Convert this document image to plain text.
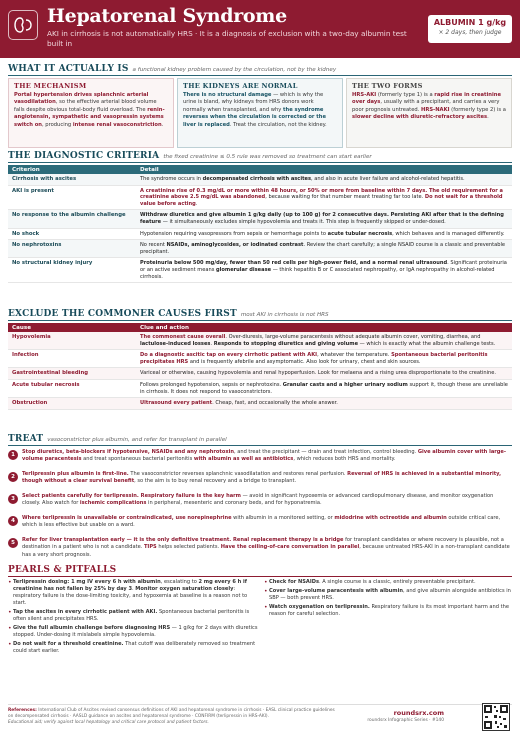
Hepatorenal Syndrome
AKI in cirrhosis is not automatically HRS · It is a diagnosis of exclusion with a two-day albumin test built in
ALBUMIN 1 g/kg
× 2 days, then judge
WHAT IT ACTUALLY IS a functional kidney problem caused by the circulation, not by the kidney
THE MECHANISM

Portal hypertension drives splanchnic arterial vasodilatation, so the effective arterial blood volume falls despite obvious total-body fluid overload. The renin-angiotensin, sympathetic and vasopressin systems switch on, producing intense renal vasoconstriction.

THE KIDNEYS ARE NORMAL

There is no structural damage — which is why the urine is bland, why kidneys from HRS donors work normally when transplanted, and why the syndrome reverses when the circulation is corrected or the liver is replaced. Treat the circulation, not the kidney.

THE TWO FORMS

HRS-AKI (formerly type 1) is a rapid rise in creatinine over days, usually with a precipitant, and carries a very poor prognosis untreated. HRS-NAKI (formerly type 2) is a slower decline with diuretic-refractory ascites.

THE DIAGNOSTIC CRITERIA the fixed creatinine ≤ 0.5 rule was removed so treatment can start earlier
Criterion	Detail
Cirrhosis with ascites	The syndrome occurs in decompensated cirrhosis with ascites, and also in acute liver failure and alcohol-related hepatitis.
AKI is present	A creatinine rise of 0.3 mg/dL or more within 48 hours, or 50% or more from baseline within 7 days. The old requirement for a creatinine above 2.5 mg/dL was abandoned, because waiting for that number meant treating far too late. Do not wait for a threshold value before acting.
No response to the albumin challenge	Withdraw diuretics and give albumin 1 g/kg daily (up to 100 g) for 2 consecutive days. Persisting AKI after that is the defining feature — it simultaneously excludes simple hypovolemia and treats it. This step is frequently skipped or under-dosed.
No shock	Hypotension requiring vasopressors from sepsis or hemorrhage points to acute tubular necrosis, which behaves and is managed differently.
No nephrotoxins	No recent NSAIDs, aminoglycosides, or iodinated contrast. Review the chart carefully; a single NSAID course is a classic and preventable precipitant.
No structural kidney injury	Proteinuria below 500 mg/day, fewer than 50 red cells per high-power field, and a normal renal ultrasound. Significant proteinuria or an active sediment means glomerular disease — think hepatitis B or C associated nephropathy, or IgA nephropathy in alcohol-related cirrhosis.
EXCLUDE THE COMMONER CAUSES FIRST most AKI in cirrhosis is not HRS
Cause	Clue and action
Hypovolemia	The commonest cause overall. Over-diuresis, large-volume paracentesis without adequate albumin cover, vomiting, diarrhea, and lactulose-induced losses. Responds to stopping diuretics and giving volume — which is exactly what the albumin challenge tests.
Infection	Do a diagnostic ascitic tap on every cirrhotic patient with AKI, whatever the temperature. Spontaneous bacterial peritonitis precipitates HRS and is frequently afebrile and asymptomatic. Also look for urinary, chest and skin sources.
Gastrointestinal bleeding	Variceal or otherwise, causing hypovolemia and renal hypoperfusion. Look for melaena and a rising urea disproportionate to the creatinine.
Acute tubular necrosis	Follows prolonged hypotension, sepsis or nephrotoxins. Granular casts and a higher urinary sodium support it, though these are unreliable in cirrhosis. It does not respond to vasoconstrictors.
Obstruction	Ultrasound every patient. Cheap, fast, and occasionally the whole answer.
TREAT vasoconstrictor plus albumin, and refer for transplant in parallel
1	Stop diuretics, beta-blockers if hypotensive, NSAIDs and any nephrotoxin, and treat the precipitant — drain and treat infection, control bleeding. Give albumin cover with large-volume paracentesis and treat spontaneous bacterial peritonitis with albumin as well as antibiotics, which reduces both HRS and mortality.
2	Terlipressin plus albumin is first-line. The vasoconstrictor reverses splanchnic vasodilatation and restores renal perfusion. Reversal of HRS is achieved in a substantial minority, though without a clear survival benefit, so the aim is to buy renal recovery and a bridge to transplant.
3	Select patients carefully for terlipressin. Respiratory failure is the key harm — avoid in significant hypoxemia or advanced cardiopulmonary disease, and monitor oxygenation closely. Also watch for ischemic complications in peripheral, mesenteric and coronary beds, and for hyponatremia.
4	Where terlipressin is unavailable or contraindicated, use norepinephrine with albumin in a monitored setting, or midodrine with octreotide and albumin outside critical care, which is less effective but usable on a ward.
5	Refer for liver transplantation early — it is the only definitive treatment. Renal replacement therapy is a bridge for transplant candidates or where recovery is plausible, not a destination in a patient who is not a candidate. TIPS helps selected patients. Have the ceiling-of-care conversation in parallel, because untreated HRS-AKI in a non-transplant candidate has a very short prognosis.
PEARLS & PITFALLS
• Terlipressin dosing: 1 mg IV every 6 h with albumin, escalating to 2 mg every 6 h if creatinine has not fallen by 25% by day 3. Monitor oxygen saturation closely: respiratory failure is the dose-limiting toxicity, and hypoxemia at baseline is a reason not to start.
• Tap the ascites in every cirrhotic patient with AKI. Spontaneous bacterial peritonitis is often silent and precipitates HRS.
• Give the full albumin challenge before diagnosing HRS — 1 g/kg for 2 days with diuretics stopped. Under-dosing it mislabels simple hypovolemia.
• Do not wait for a threshold creatinine. That cutoff was deliberately removed so treatment could start earlier.
• Check for NSAIDs. A single course is a classic, entirely preventable precipitant.
• Cover large-volume paracentesis with albumin, and give albumin alongside antibiotics in SBP — both prevent HRS.
• Watch oxygenation on terlipressin. Respiratory failure is its most important harm and the reason for careful selection.
References: International Club of Ascites revised consensus definitions of AKI and hepatorenal syndrome in cirrhosis · EASL clinical practice guidelines on decompensated cirrhosis · AASLD guidance on ascites and hepatorenal syndrome · CONFIRM (terlipressin in HRS-AKI).
Educational aid; verify against local hepatology and critical care protocol and patient factors.
roundsrx.com
roundsrx Infographic Series · #140
